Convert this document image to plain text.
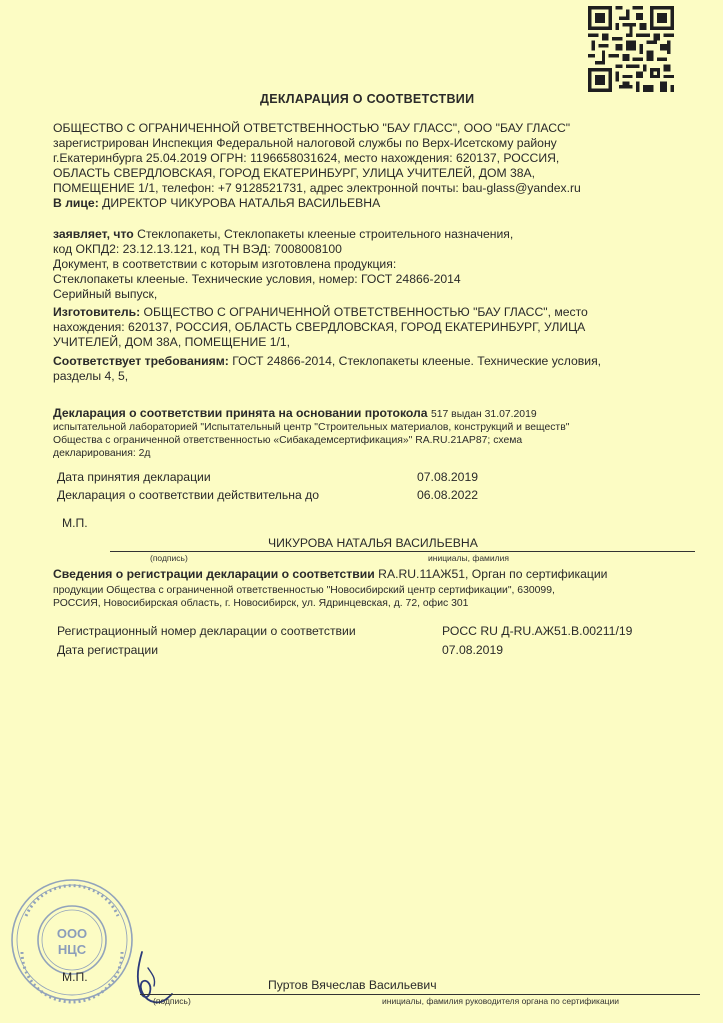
ДЕКЛАРАЦИЯ О СООТВЕТСТВИИ
ОБЩЕСТВО С ОГРАНИЧЕННОЙ ОТВЕТСТВЕННОСТЬЮ "БАУ ГЛАСС", ООО "БАУ ГЛАСС"
зарегистрирован Инспекция Федеральной налоговой службы по Верх-Исетскому району
г.Екатеринбурга 25.04.2019 ОГРН: 1196658031624, место нахождения: 620137, РОССИЯ,
ОБЛАСТЬ СВЕРДЛОВСКАЯ, ГОРОД ЕКАТЕРИНБУРГ, УЛИЦА УЧИТЕЛЕЙ, ДОМ 38А,
ПОМЕЩЕНИЕ 1/1, телефон: +7 9128521731, адрес электронной почты: bau-glass@yandex.ru
В лице: ДИРЕКТОР ЧИКУРОВА НАТАЛЬЯ ВАСИЛЬЕВНА
заявляет, что Стеклопакеты, Стеклопакеты клееные строительного назначения,
код ОКПД2: 23.12.13.121, код ТН ВЭД: 7008008100
Документ, в соответствии с которым изготовлена продукция:
Стеклопакеты клееные. Технические условия, номер: ГОСТ 24866-2014
Серийный выпуск,
Изготовитель: ОБЩЕСТВО С ОГРАНИЧЕННОЙ ОТВЕТСТВЕННОСТЬЮ "БАУ ГЛАСС", место
нахождения: 620137, РОССИЯ, ОБЛАСТЬ СВЕРДЛОВСКАЯ, ГОРОД ЕКАТЕРИНБУРГ, УЛИЦА
УЧИТЕЛЕЙ, ДОМ 38А, ПОМЕЩЕНИЕ 1/1,
Соответствует требованиям: ГОСТ 24866-2014, Стеклопакеты клееные. Технические условия,
разделы 4, 5,
Декларация о соответствии принята на основании протокола 517 выдан 31.07.2019
испытательной лабораторией "Испытательный центр "Строительных материалов, конструкций и веществ"
Общества с ограниченной ответственностью «Сибакадемсертификация»" RA.RU.21АР87; схема
декларирования: 2д
Дата принятия декларации	07.08.2019
Декларация о соответствии действительна до	06.08.2022
М.П.
ЧИКУРОВА НАТАЛЬЯ ВАСИЛЬЕВНА
(подпись)	инициалы, фамилия
Сведения о регистрации декларации о соответствии RA.RU.11АЖ51, Орган по сертификации
продукции Общества с ограниченной ответственностью "Новосибирский центр сертификации", 630099,
РОССИЯ, Новосибирская область, г. Новосибирск, ул. Ядринцевская, д. 72, офис 301
Регистрационный номер декларации о соответствии	РОСС RU Д-RU.АЖ51.В.00211/19
Дата регистрации	07.08.2019
ООО
НЦС
М.П.
Пуртов Вячеслав Васильевич
(подпись)	инициалы, фамилия руководителя органа по сертификации
